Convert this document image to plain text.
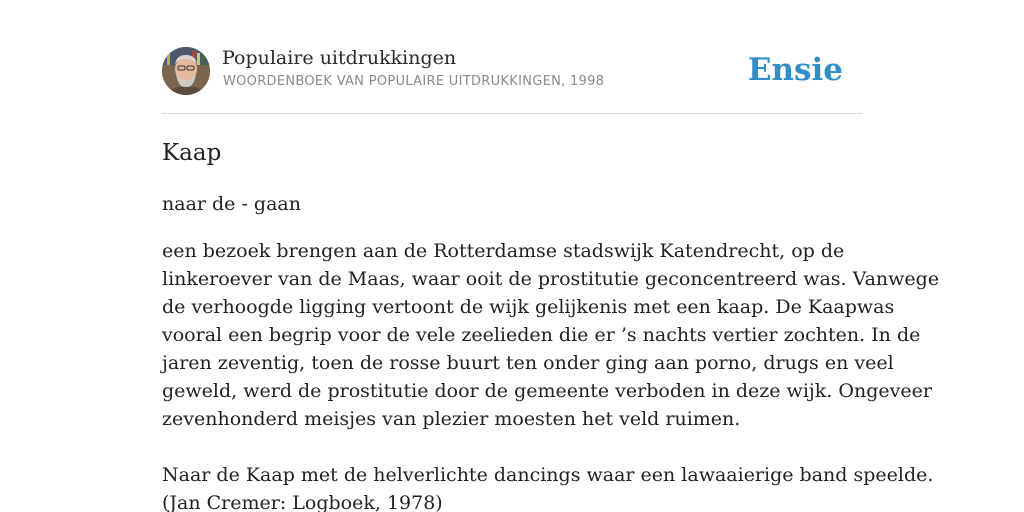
Populaire uitdrukkingen
WOORDENBOEK VAN POPULAIRE UITDRUKKINGEN, 1998	Ensie
Kaap
naar de - gaan

een bezoek brengen aan de Rotterdamse stadswijk Katendrecht, op de

linkeroever van de Maas, waar ooit de prostitutie geconcentreerd was. Vanwege

de verhoogde ligging vertoont de wijk gelijkenis met een kaap. De Kaapwas

vooral een begrip voor de vele zeelieden die er ’s nachts vertier zochten. In de

jaren zeventig, toen de rosse buurt ten onder ging aan porno, drugs en veel

geweld, werd de prostitutie door de gemeente verboden in deze wijk. Ongeveer

zevenhonderd meisjes van plezier moesten het veld ruimen.

Naar de Kaap met de helverlichte dancings waar een lawaaierige band speelde.

(Jan Cremer: Logboek, 1978)
